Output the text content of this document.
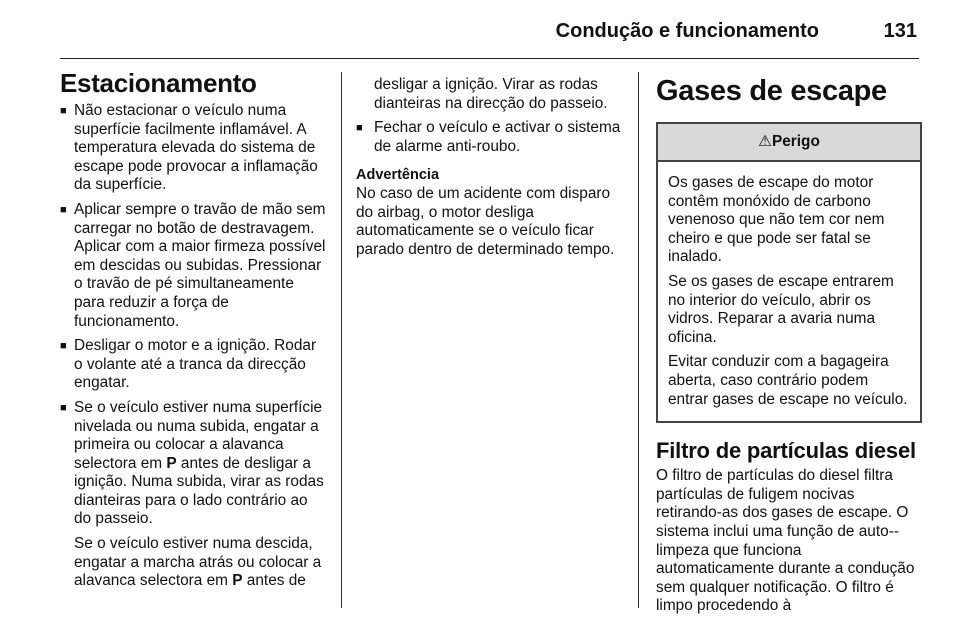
Condução e funcionamento	131
Estacionamento
■ Não estacionar o veículo numa superfície facilmente inflamável. A temperatura elevada do sistema de escape pode provocar a inflamação da superfície.
■ Aplicar sempre o travão de mão sem carregar no botão de destravagem. Aplicar com a maior firmeza possível em descidas ou subidas. Pressionar o travão de pé simultaneamente para reduzir a força de funcionamento.
■ Desligar o motor e a ignição. Rodar o volante até a tranca da direcção engatar.
■ Se o veículo estiver numa superfície nivelada ou numa subida, engatar a primeira ou colocar a alavanca selectora em P antes de desligar a ignição. Numa subida, virar as rodas dianteiras para o lado contrário ao do passeio.
Se o veículo estiver numa descida, engatar a marcha atrás ou colocar a alavanca selectora em P antes de
desligar a ignição. Virar as rodas dianteiras na direcção do passeio.
■ Fechar o veículo e activar o sistema de alarme anti-roubo.
Advertência

No caso de um acidente com disparo do airbag, o motor desliga automaticamente se o veículo ficar parado dentro de determinado tempo.

Gases de escape
⚠Perigo

Os gases de escape do motor contêm monóxido de carbono venenoso que não tem cor nem cheiro e que pode ser fatal se inalado.

Se os gases de escape entrarem no interior do veículo, abrir os vidros. Reparar a avaria numa oficina.

Evitar conduzir com a bagageira aberta, caso contrário podem entrar gases de escape no veículo.

Filtro de partículas diesel

O filtro de partículas do diesel filtra partículas de fuligem nocivas retirando-as dos gases de escape. O sistema inclui uma função de auto--limpeza que funciona automaticamente durante a condução sem qualquer notificação. O filtro é limpo procedendo à
